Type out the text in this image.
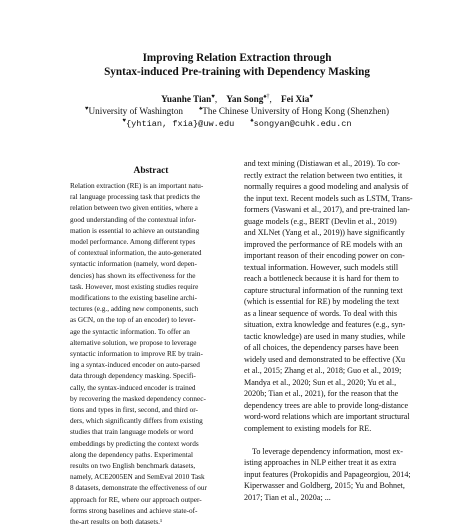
Improving Relation Extraction through
Syntax-induced Pre-training with Dependency Masking
Yuanhe Tian♥, Yan Song♠†, Fei Xia♥
♥University of Washington	♠The Chinese University of Hong Kong (Shenzhen)
♥{yhtian, fxia}@uw.edu	♠songyan@cuhk.edu.cn
Abstract
Relation extraction (RE) is an important natu-
ral language processing task that predicts the
relation between two given entities, where a
good understanding of the contextual infor-
mation is essential to achieve an outstanding
model performance. Among different types
of contextual information, the auto-generated
syntactic information (namely, word depen-
dencies) has shown its effectiveness for the
task. However, most existing studies require
modifications to the existing baseline archi-
tectures (e.g., adding new components, such
as GCN, on the top of an encoder) to lever-
age the syntactic information. To offer an
alternative solution, we propose to leverage
syntactic information to improve RE by train-
ing a syntax-induced encoder on auto-parsed
data through dependency masking. Specifi-
cally, the syntax-induced encoder is trained
by recovering the masked dependency connec-
tions and types in first, second, and third or-
ders, which significantly differs from existing
studies that train language models or word
embeddings by predicting the context words
along the dependency paths. Experimental
results on two English benchmark datasets,
namely, ACE2005EN and SemEval 2010 Task
8 datasets, demonstrate the effectiveness of our
approach for RE, where our approach outper-
forms strong baselines and achieve state-of-
the-art results on both datasets.¹
and text mining (Distiawan et al., 2019). To cor-
rectly extract the relation between two entities, it
normally requires a good modeling and analysis of
the input text. Recent models such as LSTM, Trans-
formers (Vaswani et al., 2017), and pre-trained lan-
guage models (e.g., BERT (Devlin et al., 2019)
and XLNet (Yang et al., 2019)) have significantly
improved the performance of RE models with an
important reason of their encoding power on con-
textual information. However, such models still
reach a bottleneck because it is hard for them to
capture structural information of the running text
(which is essential for RE) by modeling the text
as a linear sequence of words. To deal with this
situation, extra knowledge and features (e.g., syn-
tactic knowledge) are used in many studies, while
of all choices, the dependency parses have been
widely used and demonstrated to be effective (Xu
et al., 2015; Zhang et al., 2018; Guo et al., 2019;
Mandya et al., 2020; Sun et al., 2020; Yu et al.,
2020b; Tian et al., 2021), for the reason that the
dependency trees are able to provide long-distance
word-word relations which are important structural
complement to existing models for RE.

To leverage dependency information, most ex-
isting approaches in NLP either treat it as extra
input features (Prokopidis and Papageorgiou, 2014;
Kiperwasser and Goldberg, 2015; Yu and Bohnet,
2017; Tian et al., 2020a; ...
